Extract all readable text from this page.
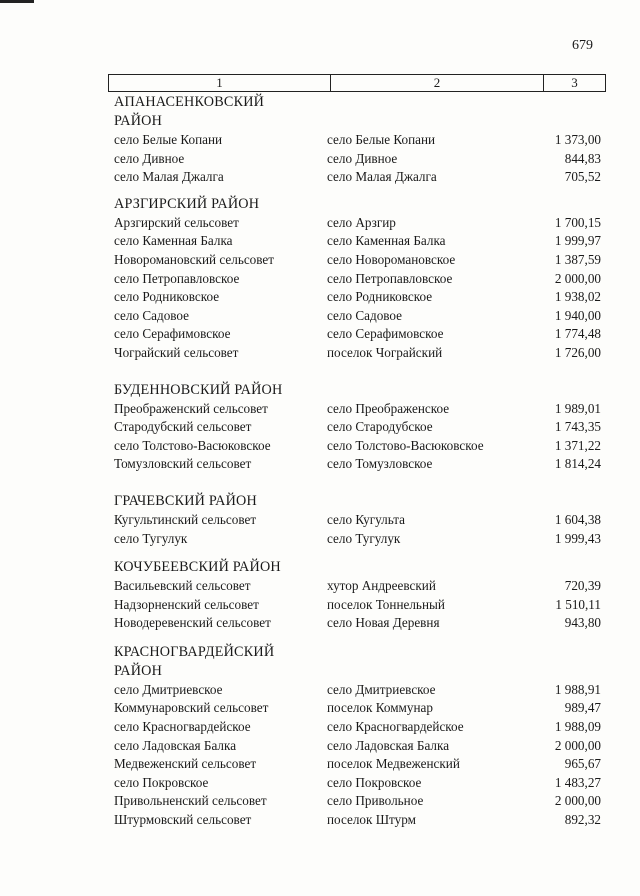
679
1	2	3
АПАНАСЕНКОВСКИЙ РАЙОН
село Белые Копани	село Белые Копани	1 373,00
село Дивное	село Дивное	844,83
село Малая Джалга	село Малая Джалга	705,52
АРЗГИРСКИЙ РАЙОН
Арзгирский сельсовет	село Арзгир	1 700,15
село Каменная Балка	село Каменная Балка	1 999,97
Новоромановский сельсовет	село Новоромановское	1 387,59
село Петропавловское	село Петропавловское	2 000,00
село Родниковское	село Родниковское	1 938,02
село Садовое	село Садовое	1 940,00
село Серафимовское	село Серафимовское	1 774,48
Чограйский сельсовет	поселок Чограйский	1 726,00
БУДЕННОВСКИЙ РАЙОН
Преображенский сельсовет	село Преображенское	1 989,01
Стародубский сельсовет	село Стародубское	1 743,35
село Толстово-Васюковское	село Толстово-Васюковское	1 371,22
Томузловский сельсовет	село Томузловское	1 814,24
ГРАЧЕВСКИЙ РАЙОН
Кугультинский сельсовет	село Кугульта	1 604,38
село Тугулук	село Тугулук	1 999,43
КОЧУБЕЕВСКИЙ РАЙОН
Васильевский сельсовет	хутор Андреевский	720,39
Надзорненский сельсовет	поселок Тоннельный	1 510,11
Новодеревенский сельсовет	село Новая Деревня	943,80
КРАСНОГВАРДЕЙСКИЙ РАЙОН
село Дмитриевское	село Дмитриевское	1 988,91
Коммунаровский сельсовет	поселок Коммунар	989,47
село Красногвардейское	село Красногвардейское	1 988,09
село Ладовская Балка	село Ладовская Балка	2 000,00
Медвеженский сельсовет	поселок Медвеженский	965,67
село Покровское	село Покровское	1 483,27
Привольненский сельсовет	село Привольное	2 000,00
Штурмовский сельсовет	поселок Штурм	892,32
